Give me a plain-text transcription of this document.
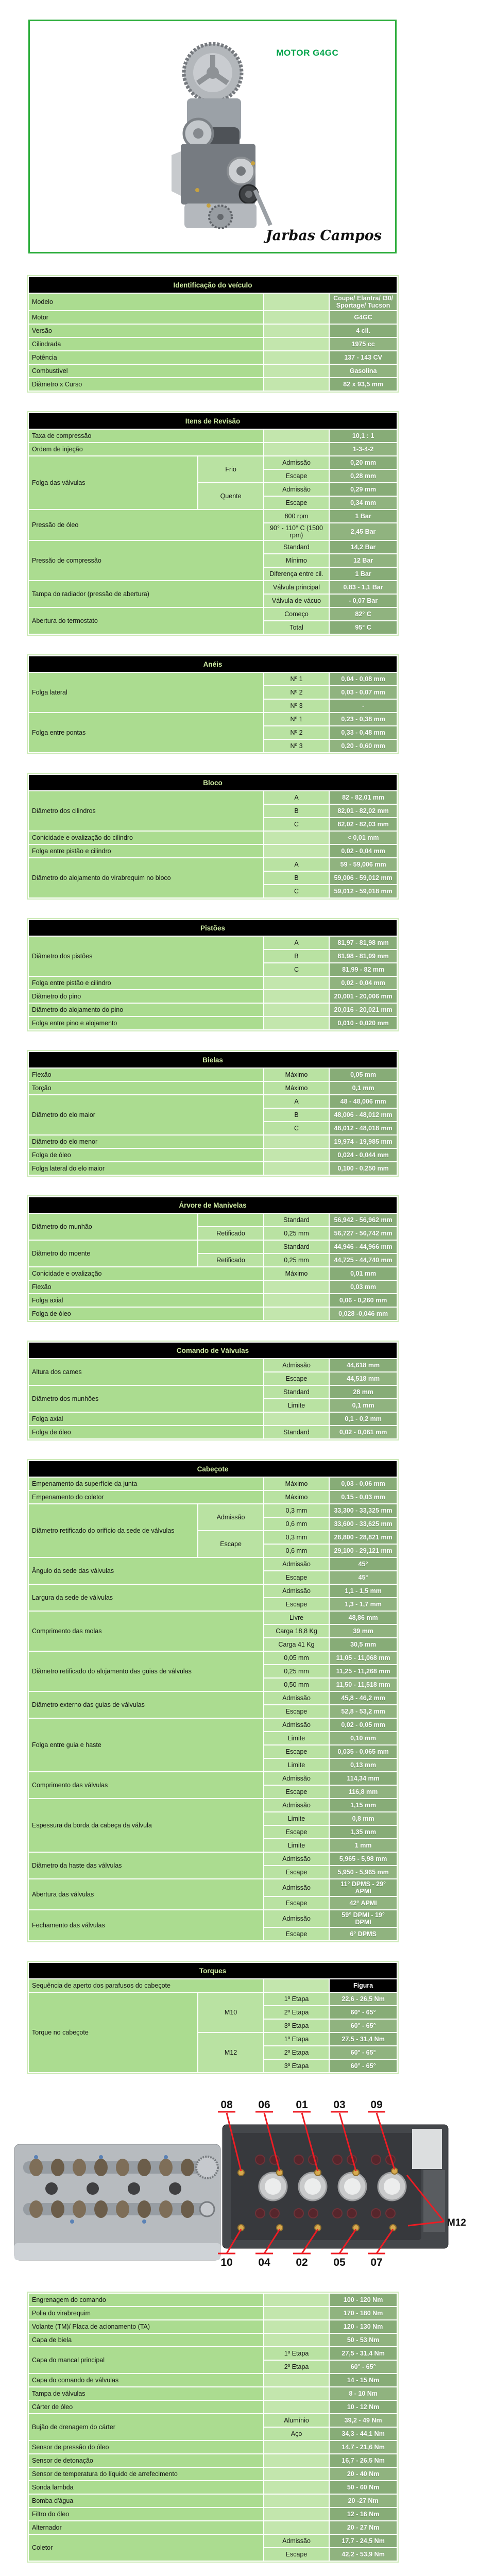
MOTOR G4GC
Jarbas Campos
Identificação do veículo		
Modelo		Coupe/ Elantra/ I30/ Sportage/ Tucson
Motor		G4GC
Versão		4 cil.
Cilindrada		1975 cc
Potência		137 - 143 CV
Combustível		Gasolina
Diâmetro x Curso		82 x 93,5 mm
Itens de Revisão			
Taxa de compressão			10,1 : 1
Ordem de injeção			1-3-4-2
Folga das válvulas	Frio	Admissão	0,20 mm
		Escape	0,28 mm
	Quente	Admissão	0,29 mm
		Escape	0,34 mm
Pressão de óleo		800 rpm	1 Bar
		90° - 110° C (1500 rpm)	2,45 Bar
Pressão de compressão		Standard	14,2 Bar
		Mínimo	12 Bar
		Diferença entre cil.	1 Bar
Tampa do radiador (pressão de abertura)		Válvula principal	0,83 - 1,1 Bar
		Válvula de vácuo	- 0,07 Bar
Abertura do termostato		Começo	82° C
		Total	95° C
Anéis		
Folga lateral	Nº 1	0,04 - 0,08 mm
	Nº 2	0,03 - 0,07 mm
	Nº 3	-
Folga entre pontas	Nº 1	0,23 - 0,38 mm
	Nº 2	0,33 - 0,48 mm
	Nº 3	0,20 - 0,60 mm
Bloco		
Diâmetro dos cilindros	A	82 - 82,01 mm
	B	82,01 - 82,02 mm
	C	82,02 - 82,03 mm
Conicidade e ovalização do cilindro		< 0,01 mm
Folga entre pistão e cilindro		0,02 - 0,04 mm
Diâmetro do alojamento do virabrequim no bloco	A	59 - 59,006 mm
	B	59,006 - 59,012 mm
	C	59,012 - 59,018 mm
Pistões		
Diâmetro dos pistões	A	81,97 - 81,98 mm
	B	81,98 - 81,99 mm
	C	81,99 - 82 mm
Folga entre pistão e cilindro		0,02 - 0,04 mm
Diâmetro do pino		20,001 - 20,006 mm
Diâmetro do alojamento do pino		20,016 - 20,021 mm
Folga entre pino e alojamento		0,010 - 0,020 mm
Bielas		
Flexão	Máximo	0,05 mm
Torção	Máximo	0,1 mm
Diâmetro do elo maior	A	48 - 48,006 mm
	B	48,006 - 48,012 mm
	C	48,012 - 48,018 mm
Diâmetro do elo menor		19,974 - 19,985 mm
Folga de óleo		0,024 - 0,044 mm
Folga lateral do elo maior		0,100 - 0,250 mm
Árvore de Manivelas			
Diâmetro do munhão		Standard	56,942 - 56,962 mm
	Retificado	0,25 mm	56,727 - 56,742 mm
Diâmetro do moente		Standard	44,946 - 44,966 mm
	Retificado	0,25 mm	44,725 - 44,740 mm
Conicidade e ovalização		Máximo	0,01 mm
Flexão			0,03 mm
Folga axial			0,06 - 0,260 mm
Folga de óleo			0,028 -0,046 mm
Comando de Válvulas		
Altura dos cames	Admissão	44,618 mm
	Escape	44,518 mm
Diâmetro dos munhões	Standard	28 mm
	Limite	0,1 mm
Folga axial		0,1 - 0,2 mm
Folga de óleo	Standard	0,02 - 0,061 mm
Cabeçote			
Empenamento da superfície da junta		Máximo	0,03 - 0,06 mm
Empenamento do coletor		Máximo	0,15 - 0,03 mm
Diâmetro retificado do orifício da sede de válvulas	Admissão	0,3 mm	33,300 - 33,325 mm
		0,6 mm	33,600 - 33,625 mm
	Escape	0,3 mm	28,800 - 28,821 mm
		0,6 mm	29,100 - 29,121 mm
Ângulo da sede das válvulas		Admissão	45°
		Escape	45°
Largura da sede de válvulas		Admissão	1,1 - 1,5 mm
		Escape	1,3 - 1,7 mm
Comprimento das molas		Livre	48,86 mm
		Carga 18,8 Kg	39 mm
		Carga 41 Kg	30,5 mm
Diâmetro retificado do alojamento das guias de válvulas		0,05 mm	11,05 - 11,068 mm
		0,25 mm	11,25 - 11,268 mm
		0,50 mm	11,50 - 11,518 mm
Diâmetro externo das guias de válvulas		Admissão	45,8 - 46,2 mm
		Escape	52,8 - 53,2 mm
Folga entre guia e haste		Admissão	0,02 - 0,05 mm
		Limite	0,10 mm
		Escape	0,035 - 0,065 mm
		Limite	0,13 mm
Comprimento das válvulas		Admissão	114,34 mm
		Escape	116,8 mm
Espessura da borda da cabeça da válvula		Admissão	1,15 mm
		Limite	0,8 mm
		Escape	1,35 mm
		Limite	1 mm
Diâmetro da haste das válvulas		Admissão	5,965 - 5,98 mm
		Escape	5,950 - 5,965 mm
Abertura das válvulas		Admissão	11° DPMS - 29° APMI
		Escape	42° APMI
Fechamento das válvulas		Admissão	59° DPMI - 19° DPMI
		Escape	6° DPMS
Torques			
Sequência de aperto dos parafusos do cabeçote			Figura
Torque no cabeçote	M10	1º Etapa	22,6 - 26,5 Nm
		2º Etapa	60° - 65°
		3º Etapa	60° - 65°
	M12	1º Etapa	27,5 - 31,4 Nm
		2º Etapa	60° - 65°
		3º Etapa	60° - 65°
08 06 01 03 09
10 04 02 05 07
M12
Engrenagem do comando		100 - 120 Nm
Polia do virabrequim		170 - 180 Nm
Volante (TM)/ Placa de acionamento (TA)		120 - 130 Nm
Capa de biela		50 - 53 Nm
Capa do mancal principal	1º Etapa	27,5 - 31,4 Nm
	2º Etapa	60° - 65°
Capa do comando de válvulas		14 - 15 Nm
Tampa de válvulas		8 - 10 Nm
Cárter de óleo		10 - 12 Nm
Bujão de drenagem do cárter	Alumínio	39,2 - 49 Nm
	Aço	34,3 - 44,1 Nm
Sensor de pressão do óleo		14,7 - 21,6 Nm
Sensor de detonação		16,7 - 26,5 Nm
Sensor de temperatura do líquido de arrefecimento		20 - 40 Nm
Sonda lambda		50 - 60 Nm
Bomba d'água		20 -27 Nm
Filtro do óleo		12 - 16 Nm
Alternador		20 - 27 Nm
Coletor	Admissão	17,7 - 24,5 Nm
	Escape	42,2 - 53,9 Nm
